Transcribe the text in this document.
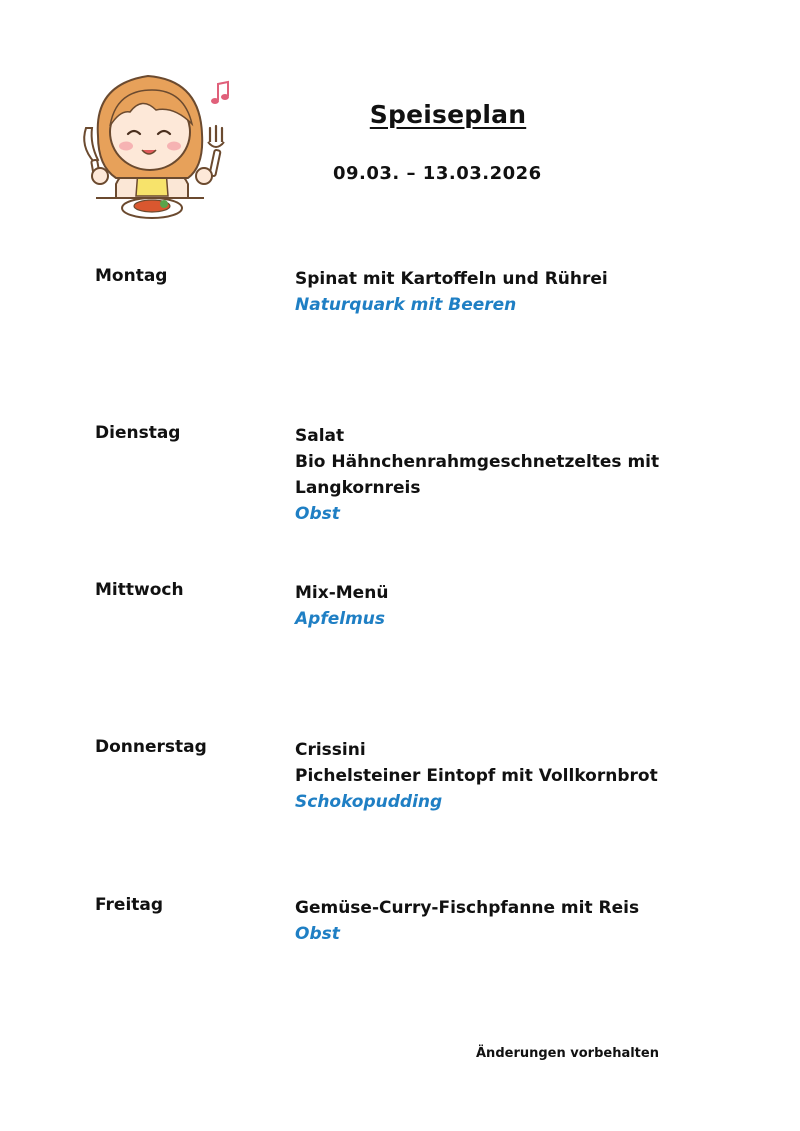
Speiseplan
09.03. – 13.03.2026
Montag	Spinat mit Kartoffeln und Rührei
Naturquark mit Beeren
Dienstag	Salat
Bio Hähnchenrahmgeschnetzeltes mit
Langkornreis
Obst
Mittwoch	Mix-Menü
Apfelmus
Donnerstag	Crissini
Pichelsteiner Eintopf mit Vollkornbrot
Schokopudding
Freitag	Gemüse-Curry-Fischpfanne mit Reis
Obst
Änderungen vorbehalten
